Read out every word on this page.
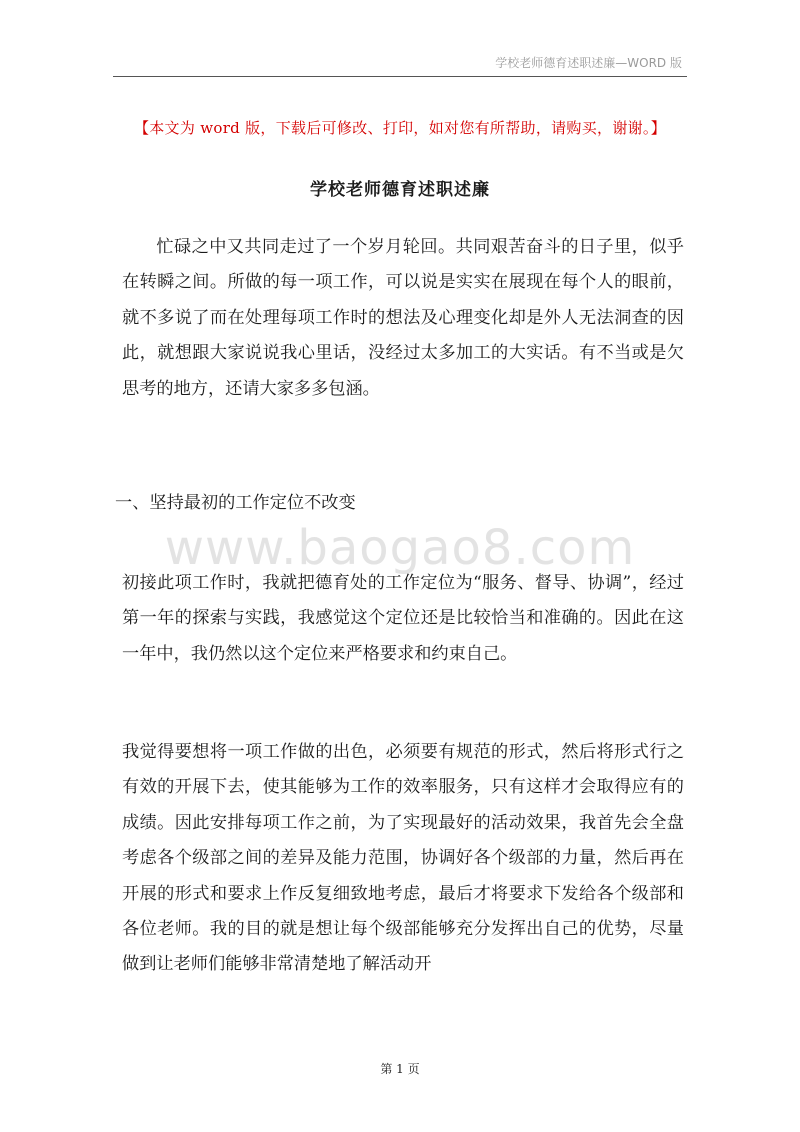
学校老师德育述职述廉—WORD 版
【本文为 word 版，下载后可修改、打印，如对您有所帮助，请购买，谢谢。】
学校老师德育述职述廉
忙碌之中又共同走过了一个岁月轮回。共同艰苦奋斗的日子里，似乎在转瞬之间。所做的每一项工作，可以说是实实在展现在每个人的眼前，就不多说了而在处理每项工作时的想法及心理变化却是外人无法洞查的因此，就想跟大家说说我心里话，没经过太多加工的大实话。有不当或是欠思考的地方，还请大家多多包涵。
一、坚持最初的工作定位不改变
www.baogao8.com
初接此项工作时，我就把德育处的工作定位为“服务、督导、协调”，经过第一年的探索与实践，我感觉这个定位还是比较恰当和准确的。因此在这一年中，我仍然以这个定位来严格要求和约束自己。
我觉得要想将一项工作做的出色，必须要有规范的形式，然后将形式行之有效的开展下去，使其能够为工作的效率服务，只有这样才会取得应有的成绩。因此安排每项工作之前，为了实现最好的活动效果，我首先会全盘考虑各个级部之间的差异及能力范围，协调好各个级部的力量，然后再在开展的形式和要求上作反复细致地考虑，最后才将要求下发给各个级部和各位老师。我的目的就是想让每个级部能够充分发挥出自己的优势，尽量做到让老师们能够非常清楚地了解活动开
第 1 页
